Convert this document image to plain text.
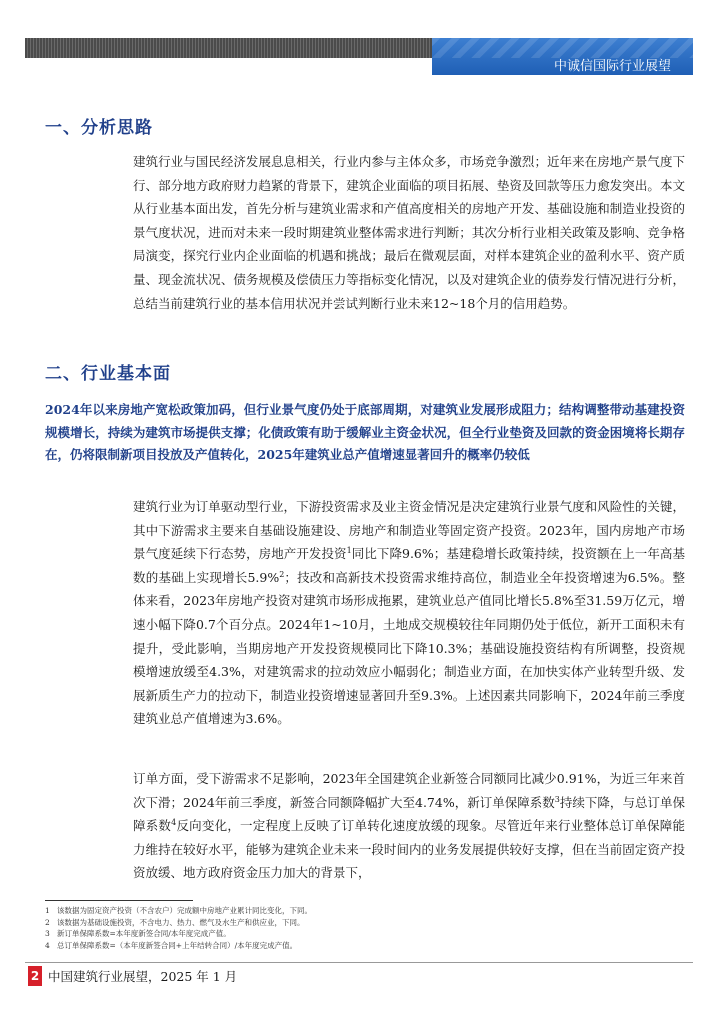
中诚信国际行业展望
一、分析思路

建筑行业与国民经济发展息息相关，行业内参与主体众多，市场竞争激烈；近年来在房地产景气度下行、部分地方政府财力趋紧的背景下，建筑企业面临的项目拓展、垫资及回款等压力愈发突出。本文从行业基本面出发，首先分析与建筑业需求和产值高度相关的房地产开发、基础设施和制造业投资的景气度状况，进而对未来一段时期建筑业整体需求进行判断；其次分析行业相关政策及影响、竞争格局演变，探究行业内企业面临的机遇和挑战；最后在微观层面，对样本建筑企业的盈利水平、资产质量、现金流状况、债务规模及偿债压力等指标变化情况，以及对建筑企业的债券发行情况进行分析，总结当前建筑行业的基本信用状况并尝试判断行业未来12~18个月的信用趋势。

二、行业基本面

2024年以来房地产宽松政策加码，但行业景气度仍处于底部周期，对建筑业发展形成阻力；结构调整带动基建投资规模增长，持续为建筑市场提供支撑；化债政策有助于缓解业主资金状况，但全行业垫资及回款的资金困境将长期存在，仍将限制新项目投放及产值转化，2025年建筑业总产值增速显著回升的概率仍较低

建筑行业为订单驱动型行业，下游投资需求及业主资金情况是决定建筑行业景气度和风险性的关键，其中下游需求主要来自基础设施建设、房地产和制造业等固定资产投资。2023年，国内房地产市场景气度延续下行态势，房地产开发投资$^1$同比下降9.6%；基建稳增长政策持续，投资额在上一年高基数的基础上实现增长5.9%$^2$；技改和高新技术投资需求维持高位，制造业全年投资增速为6.5%。整体来看，2023年房地产投资对建筑市场形成拖累，建筑业总产值同比增长5.8%至31.59万亿元，增速小幅下降0.7个百分点。2024年1~10月，土地成交规模较往年同期仍处于低位，新开工面积未有提升，受此影响，当期房地产开发投资规模同比下降10.3%；基础设施投资结构有所调整，投资规模增速放缓至4.3%，对建筑需求的拉动效应小幅弱化；制造业方面，在加快实体产业转型升级、发展新质生产力的拉动下，制造业投资增速显著回升至9.3%。上述因素共同影响下，2024年前三季度建筑业总产值增速为3.6%。

订单方面，受下游需求不足影响，2023年全国建筑企业新签合同额同比减少0.91%，为近三年来首次下滑；2024年前三季度，新签合同额降幅扩大至4.74%，新订单保障系数$^3$持续下降，与总订单保障系数$^4$反向变化，一定程度上反映了订单转化速度放缓的现象。尽管近年来行业整体总订单保障能力维持在较好水平，能够为建筑企业未来一段时间内的业务发展提供较好支撑，但在当前固定资产投资放缓、地方政府资金压力加大的背景下，

1 该数据为固定资产投资（不含农户）完成额中房地产业累计同比变化，下同。
2 该数据为基础设施投资，不含电力、热力、燃气及水生产和供应业，下同。
3 新订单保障系数=本年度新签合同/本年度完成产值。
4 总订单保障系数=（本年度新签合同+上年结转合同）/本年度完成产值。
2 中国建筑行业展望，2025 年 1 月
